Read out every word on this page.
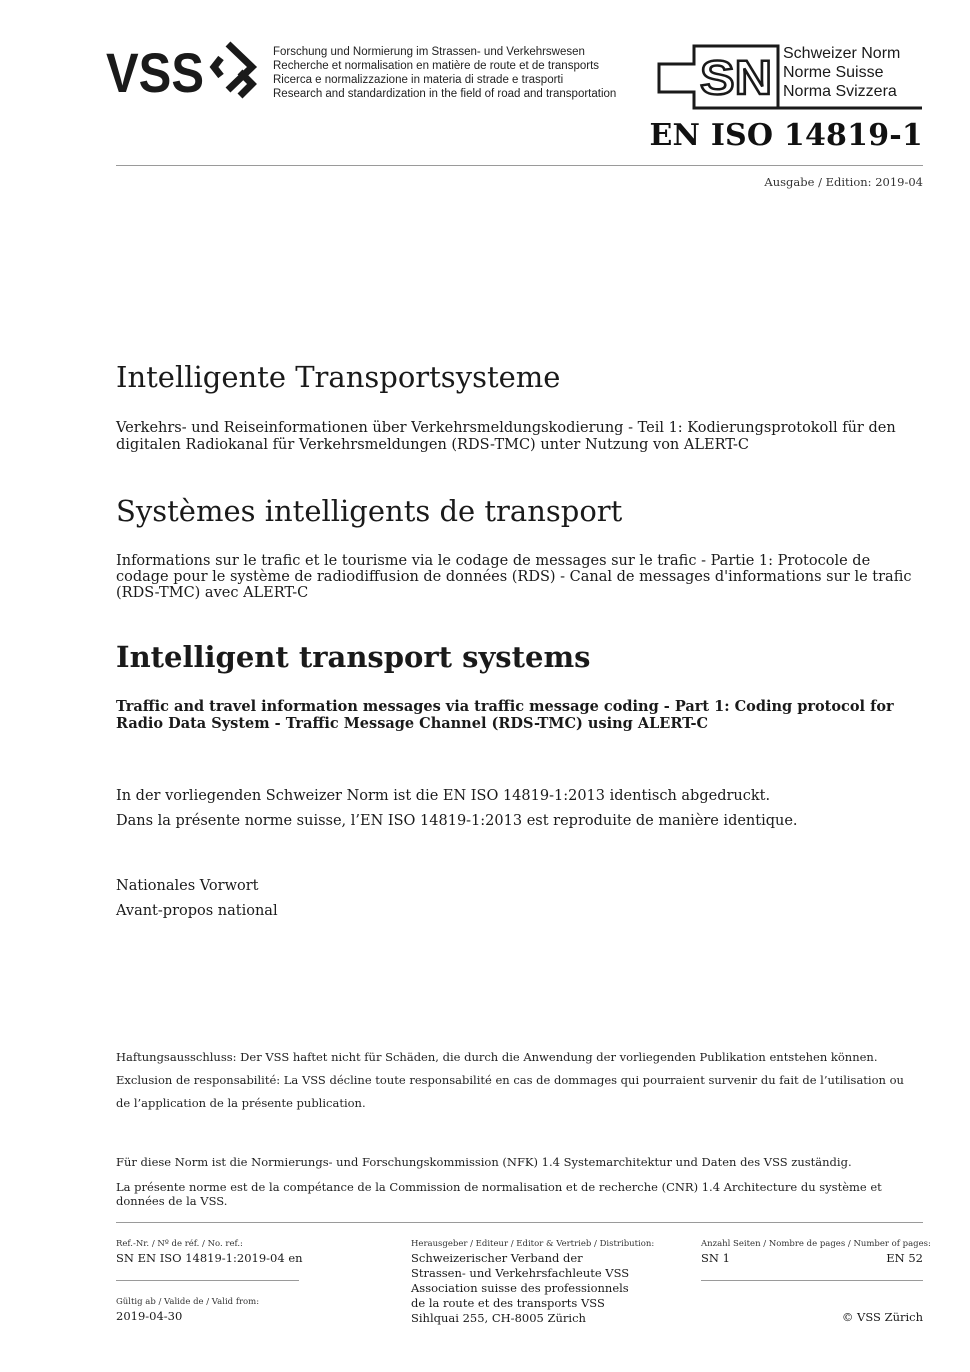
VSS	Forschung und Normierung im Strassen- und Verkehrswesen
Recherche et normalisation en matière de route et de transports
Ricerca e normalizzazione in materia di strade e trasporti
Research and standardization in the field of road and transportation SN Schweizer Norm
Norme Suisse
Norma Svizzera
EN ISO 14819-1
Ausgabe / Edition: 2019-04
Intelligente Transportsysteme
Verkehrs- und Reiseinformationen über Verkehrsmeldungskodierung - Teil 1: Kodierungsprotokoll für den digitalen Radiokanal für Verkehrsmeldungen (RDS-TMC) unter Nutzung von ALERT-C
Systèmes intelligents de transport
Informations sur le trafic et le tourisme via le codage de messages sur le trafic - Partie 1: Protocole de codage pour le système de radiodiffusion de données (RDS) - Canal de messages d'informations sur le trafic (RDS-TMC) avec ALERT-C
Intelligent transport systems
Traffic and travel information messages via traffic message coding - Part 1: Coding protocol for Radio Data System - Traffic Message Channel (RDS-TMC) using ALERT-C
In der vorliegenden Schweizer Norm ist die EN ISO 14819-1:2013 identisch abgedruckt.
Dans la présente norme suisse, l’EN ISO 14819-1:2013 est reproduite de manière identique.
Nationales Vorwort
Avant-propos national
Haftungsausschluss: Der VSS haftet nicht für Schäden, die durch die Anwendung der vorliegenden Publikation entstehen können.
Exclusion de responsabilité: La VSS décline toute responsabilité en cas de dommages qui pourraient survenir du fait de l’utilisation ou
de l’application de la présente publication.
Für diese Norm ist die Normierungs- und Forschungskommission (NFK) 1.4 Systemarchitektur und Daten des VSS zuständig.
La présente norme est de la compétance de la Commission de normalisation et de recherche (CNR) 1.4 Architecture du système et données de la VSS.
Ref.-Nr. / Nº de réf. / No. ref.:
SN EN ISO 14819-1:2019-04 en
Gültig ab / Valide de / Valid from:
2019-04-30
Herausgeber / Editeur / Editor & Vertrieb / Distribution:
Schweizerischer Verband der
Strassen- und Verkehrsfachleute VSS
Association suisse des professionnels
de la route et des transports VSS
Sihlquai 255, CH-8005 Zürich
Anzahl Seiten / Nombre de pages / Number of pages:
SN 1	EN 52
© VSS Zürich
